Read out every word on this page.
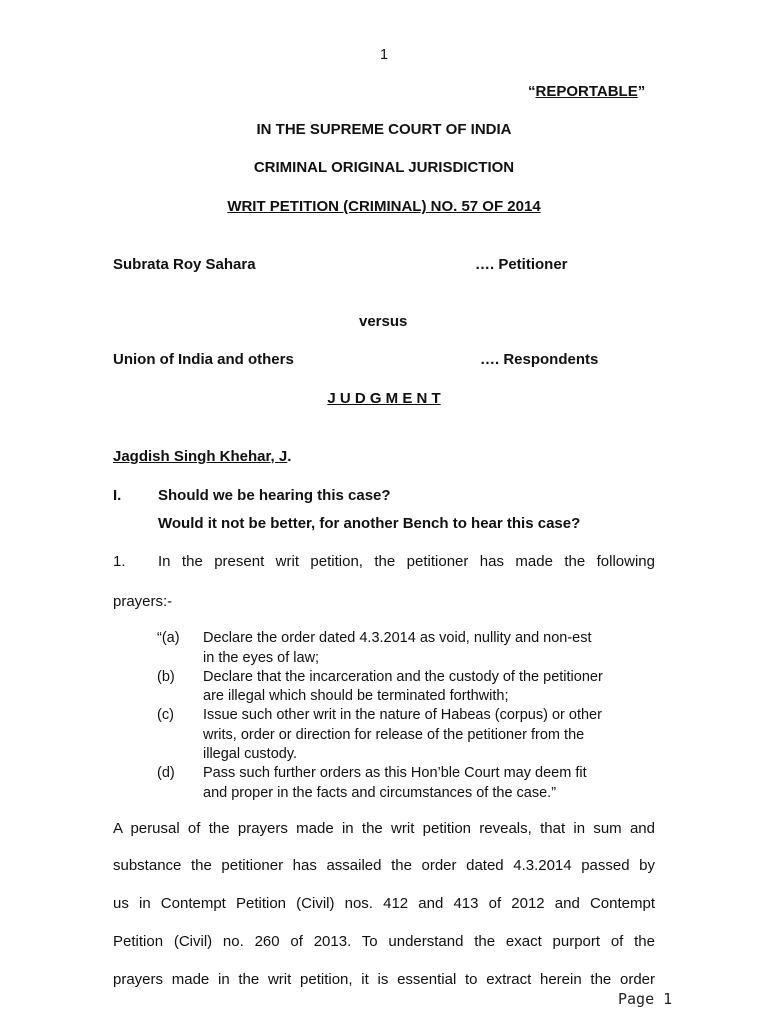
1
“REPORTABLE”
IN THE SUPREME COURT OF INDIA
CRIMINAL ORIGINAL JURISDICTION
WRIT PETITION (CRIMINAL) NO. 57 OF 2014
Subrata Roy Sahara	…. Petitioner
versus
Union of India and others	…. Respondents
J U D G M E N T
Jagdish Singh Khehar, J.
I. Should we be hearing this case?
Would it not be better, for another Bench to hear this case?
1. In the present writ petition, the petitioner has made the following
prayers:-
“(a) Declare the order dated 4.3.2014 as void, nullity and non-est
in the eyes of law;
(b) Declare that the incarceration and the custody of the petitioner
are illegal which should be terminated forthwith;
(c) Issue such other writ in the nature of Habeas (corpus) or other
writs, order or direction for release of the petitioner from the
illegal custody.
(d) Pass such further orders as this Hon’ble Court may deem fit
and proper in the facts and circumstances of the case.”
A perusal of the prayers made in the writ petition reveals, that in sum and
substance the petitioner has assailed the order dated 4.3.2014 passed by
us in Contempt Petition (Civil) nos. 412 and 413 of 2012 and Contempt
Petition (Civil) no. 260 of 2013. To understand the exact purport of the
prayers made in the writ petition, it is essential to extract herein the order
Page 1
